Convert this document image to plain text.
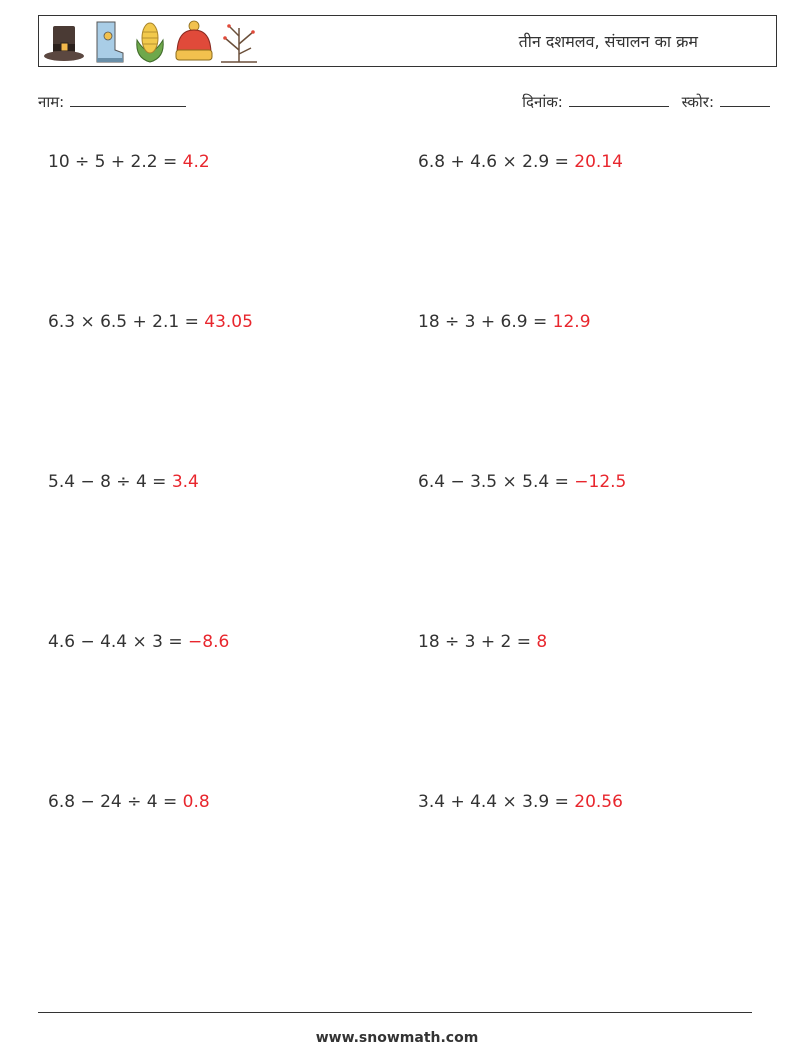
तीन दशमलव, संचालन का क्रम
नाम:	दिनांक:	स्कोर:
10 ÷ 5 + 2.2 = 4.2	6.8 + 4.6 × 2.9 = 20.14
6.3 × 6.5 + 2.1 = 43.05	18 ÷ 3 + 6.9 = 12.9
5.4 − 8 ÷ 4 = 3.4	6.4 − 3.5 × 5.4 = −12.5
4.6 − 4.4 × 3 = −8.6	18 ÷ 3 + 2 = 8
6.8 − 24 ÷ 4 = 0.8	3.4 + 4.4 × 3.9 = 20.56
www.snowmath.com
